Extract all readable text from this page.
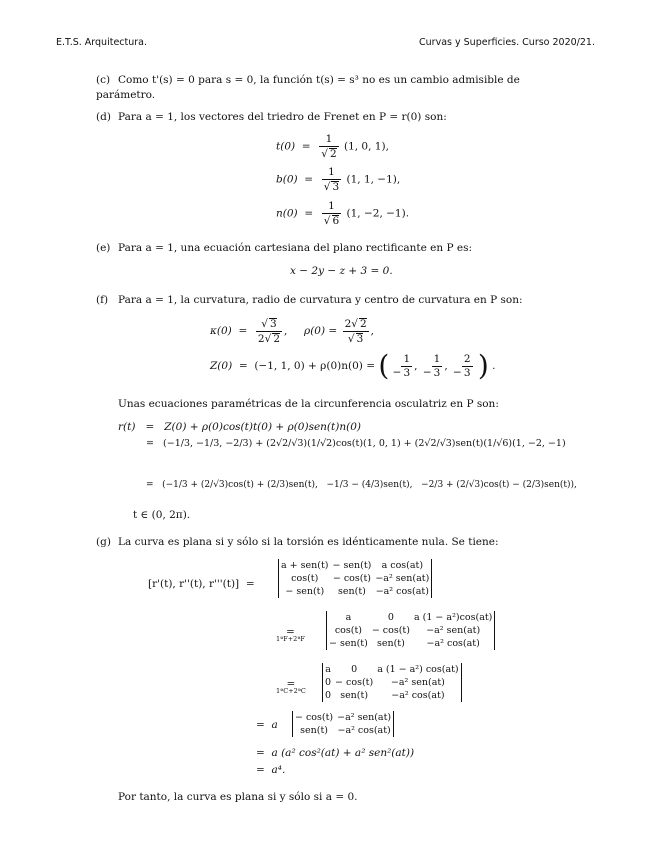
E.T.S. Arquitectura.	Curvas y Superficies. Curso 2020/21.
(c) Como t'(s) = 0 para s = 0, la función t(s) = s³ no es un cambio admisible de parámetro.
(d) Para a = 1, los vectores del triedro de Frenet en P = r(0) son:
$t(0) = \frac{1}{√ 2} (1$, 0, 1),
$b(0) = \frac{1}{√ 3} (1$, 1, −1),
$n(0) = \frac{1}{√ 6} (1$, −2, −1).
(e) Para a = 1, una ecuación cartesiana del plano rectificante en P es:
x − 2y − z + 3 = 0.
(f) Para a = 1, la curvatura, radio de curvatura y centro de curvatura en P son:
$\kappa(0) = \frac{√ 3}{2√ 2}$ ,     $\rho(0) = \frac{2√ 2}{√ 3}$ ,
Z(0)  =  (−1, 1, 0) + ρ(0)n(0) = ( − $\frac{1}{3}$ , − $\frac{1}{3}$ , − $\frac{2}{3}$ ) .
Unas ecuaciones paramétricas de la circunferencia osculatriz en P son:
r(t)   =   Z(0) + ρ(0)cos(t)t(0) + ρ(0)sen(t)n(0)
=   (−1/3, −1/3, −2/3) + (2√2/√3)(1/√2)cos(t)(1, 0, 1) + (2√2/√3)sen(t)(1/√6)(1, −2, −1)
=   (−1/3 + (2/√3)cos(t) + (2/3)sen(t), −1/3 − (4/3)sen(t), −2/3 + (2/√3)cos(t) − (2/3)sen(t)),
t ∈ (0, 2π).
(g) La curva es plana si y sólo si la torsión es idénticamente nula. Se tiene:
[r'(t), r''(t), r'''(t)]  =
a + sen(t)	− sen(t)	a cos(at)
cos(t)	− cos(t)	−a² sen(at)
− sen(t)	sen(t)	−a² cos(at)
=
1ªF+2ªF
a	0	a (1 − a²)cos(at)
cos(t)	− cos(t)	−a² sen(at)
− sen(t)	sen(t)	−a² cos(at)
=
1ªC+2ªC
a	0	a (1 − a²) cos(at)
0	− cos(t)	−a² sen(at)
0	sen(t)	−a² cos(at)
=  a
− cos(t)	−a² sen(at)
sen(t)	−a² cos(at)
=  a (a² cos²(at) + a² sen²(at))
=  a⁴.
Por tanto, la curva es plana si y sólo si a = 0.
